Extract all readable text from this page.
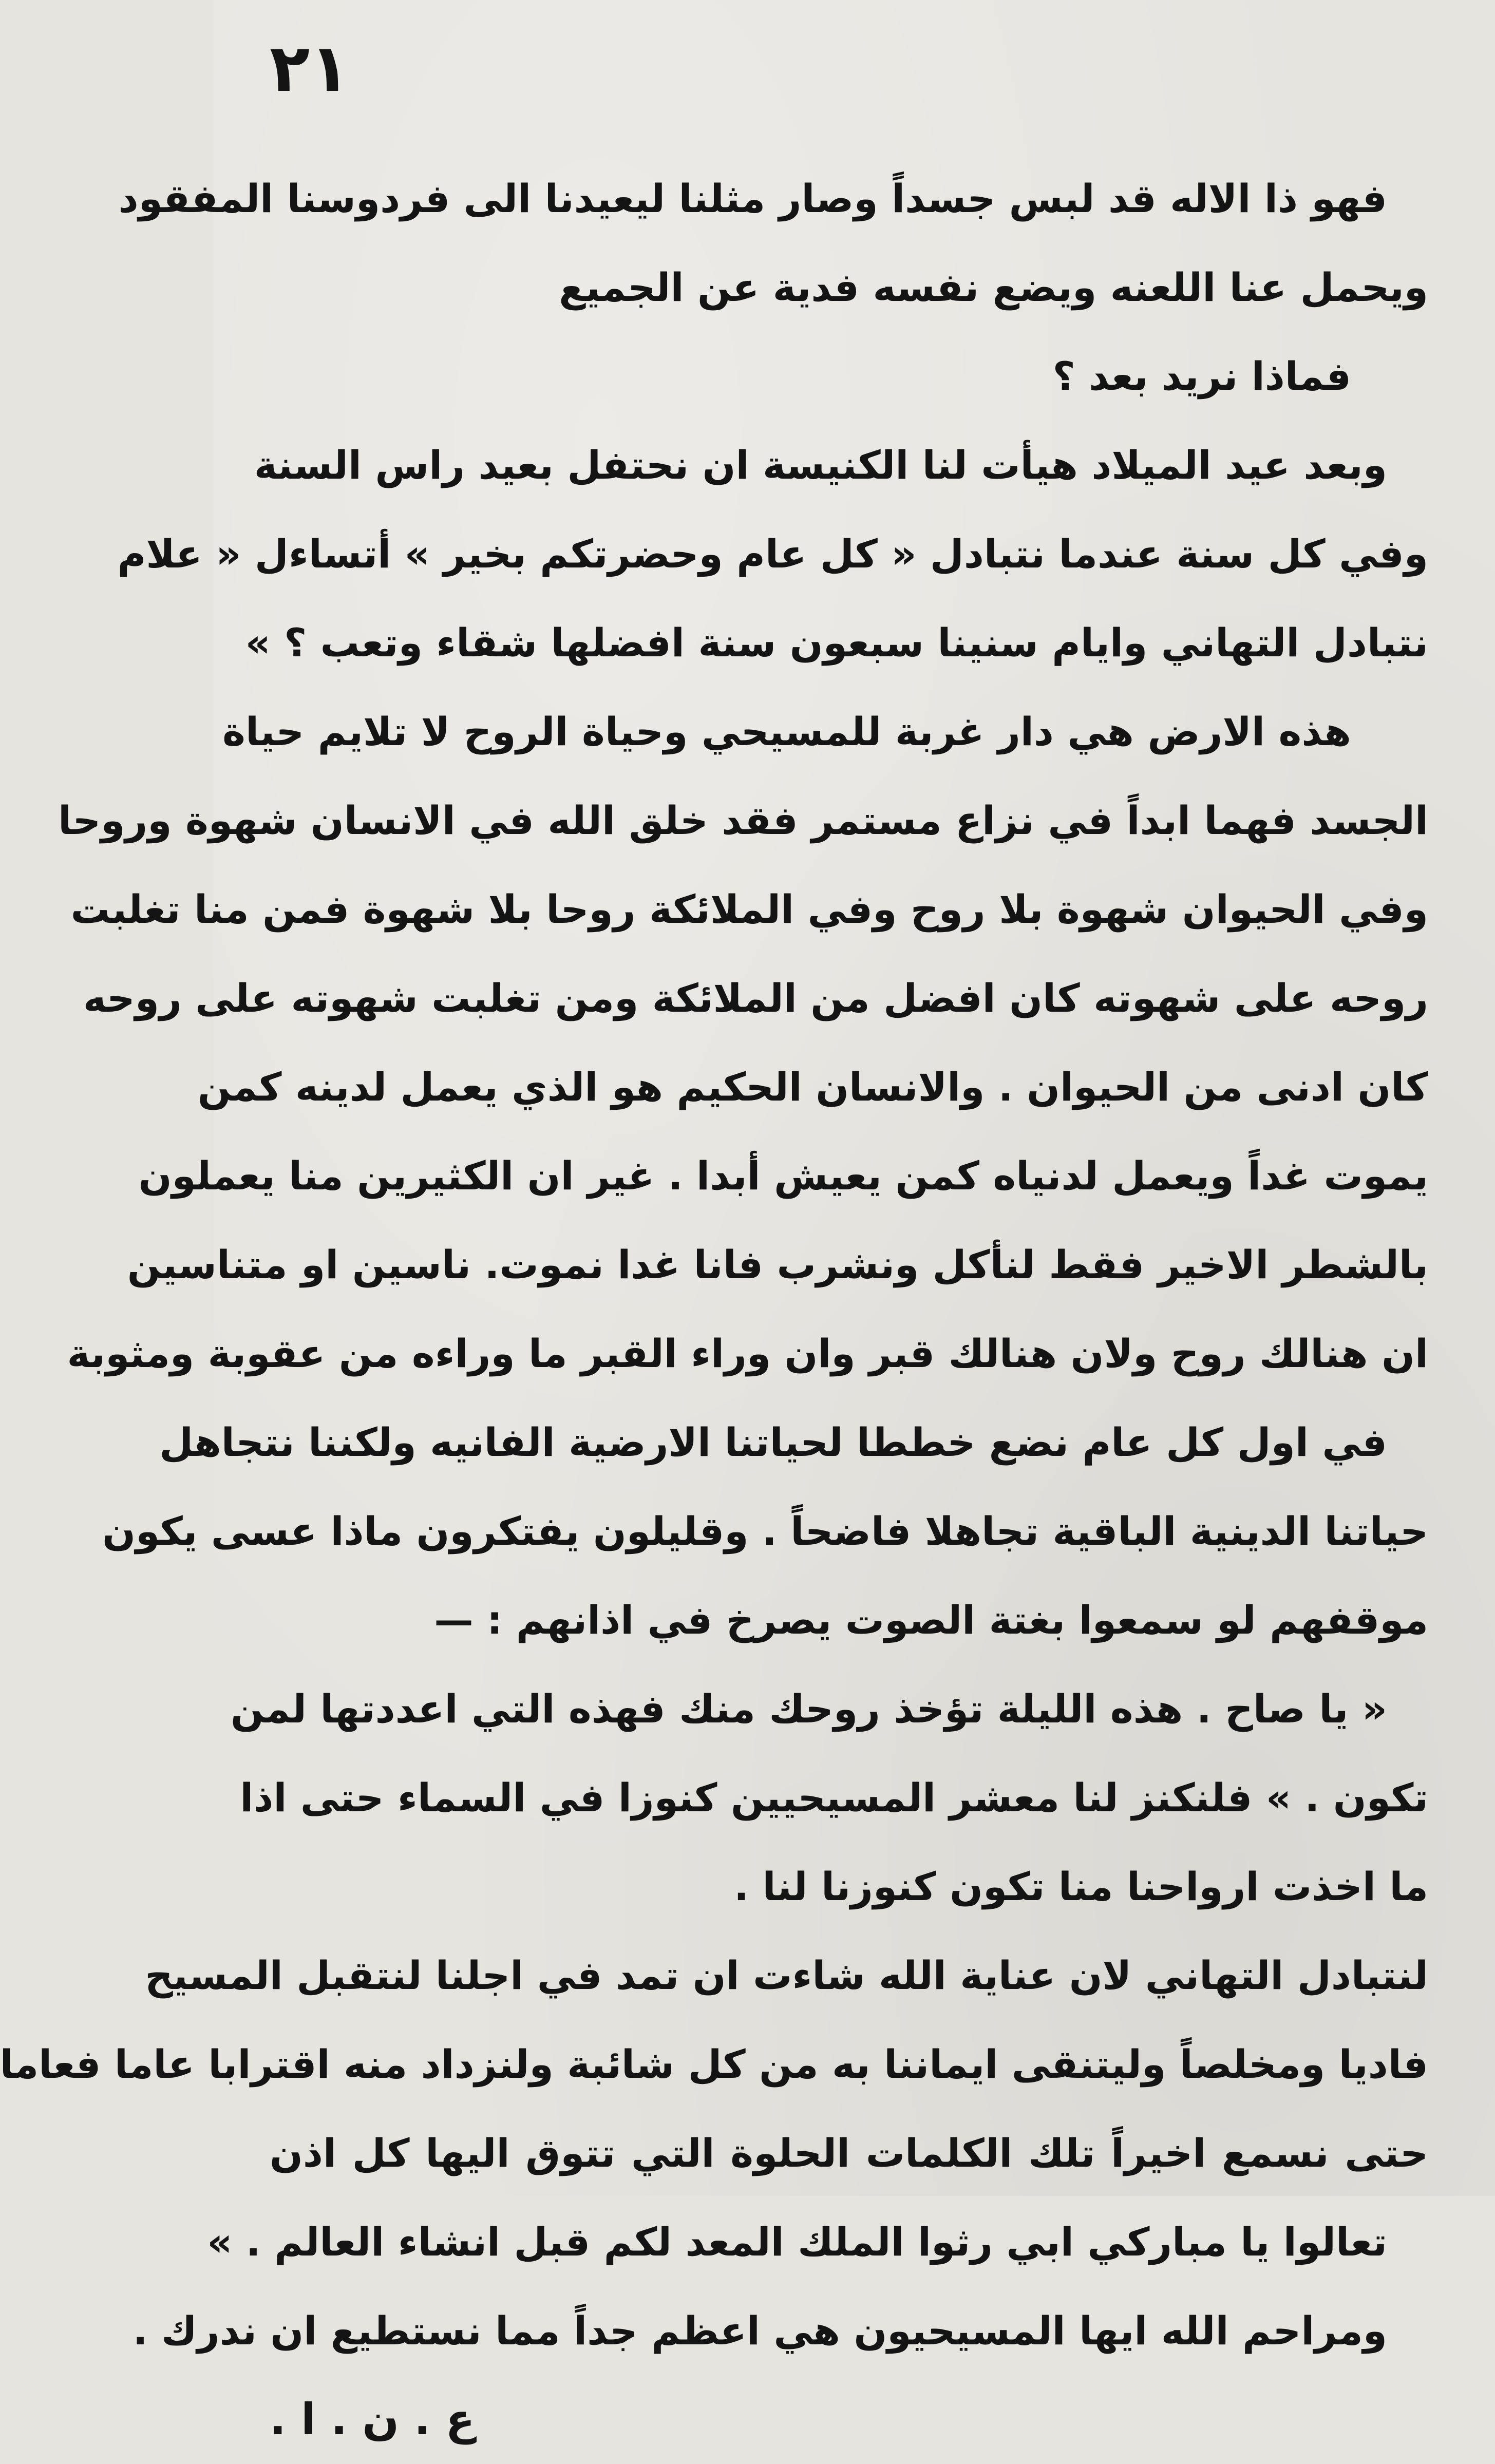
٢١
فهو ذا الاله قد لبس جسداً وصار مثلنا ليعيدنا الى فردوسنا المفقود
ويحمل عنا اللعنه ويضع نفسه فدية عن الجميع
فماذا نريد بعد ؟
وبعد عيد الميلاد هيأت لنا الكنيسة ان نحتفل بعيد راس السنة
وفي كل سنة عندما نتبادل « كل عام وحضرتكم بخير » أتساءل « علام
نتبادل التهاني وايام سنينا سبعون سنة افضلها شقاء وتعب ؟ »
هذه الارض هي دار غربة للمسيحي وحياة الروح لا تلايم حياة
الجسد فهما ابداً في نزاع مستمر فقد خلق الله في الانسان شهوة وروحا
وفي الحيوان شهوة بلا روح وفي الملائكة روحا بلا شهوة فمن منا تغلبت
روحه على شهوته كان افضل من الملائكة ومن تغلبت شهوته على روحه
كان ادنى من الحيوان . والانسان الحكيم هو الذي يعمل لدينه كمن
يموت غداً ويعمل لدنياه كمن يعيش أبدا . غير ان الكثيرين منا يعملون
بالشطر الاخير فقط لنأكل ونشرب فانا غدا نموت. ناسين او متناسين
ان هنالك روح ولان هنالك قبر وان وراء القبر ما وراءه من عقوبة ومثوبة
في اول كل عام نضع خططا لحياتنا الارضية الفانيه ولكننا نتجاهل
حياتنا الدينية الباقية تجاهلا فاضحاً . وقليلون يفتكرون ماذا عسى يكون
موقفهم لو سمعوا بغتة الصوت يصرخ في اذانهم : —
« يا صاح . هذه الليلة تؤخذ روحك منك فهذه التي اعددتها لمن
تكون . » فلنكنز لنا معشر المسيحيين كنوزا في السماء حتى اذا
ما اخذت ارواحنا منا تكون كنوزنا لنا .
لنتبادل التهاني لان عناية الله شاءت ان تمد في اجلنا لنتقبل المسيح
فاديا ومخلصاً وليتنقى ايماننا به من كل شائبة ولنزداد منه اقترابا عاما فعاما
حتى نسمع اخيراً تلك الكلمات الحلوة التي تتوق اليها كل اذن
تعالوا يا مباركي ابي رثوا الملك المعد لكم قبل انشاء العالم . »
ومراحم الله ايها المسيحيون هي اعظم جداً مما نستطيع ان ندرك .
ع . ن . ا .
